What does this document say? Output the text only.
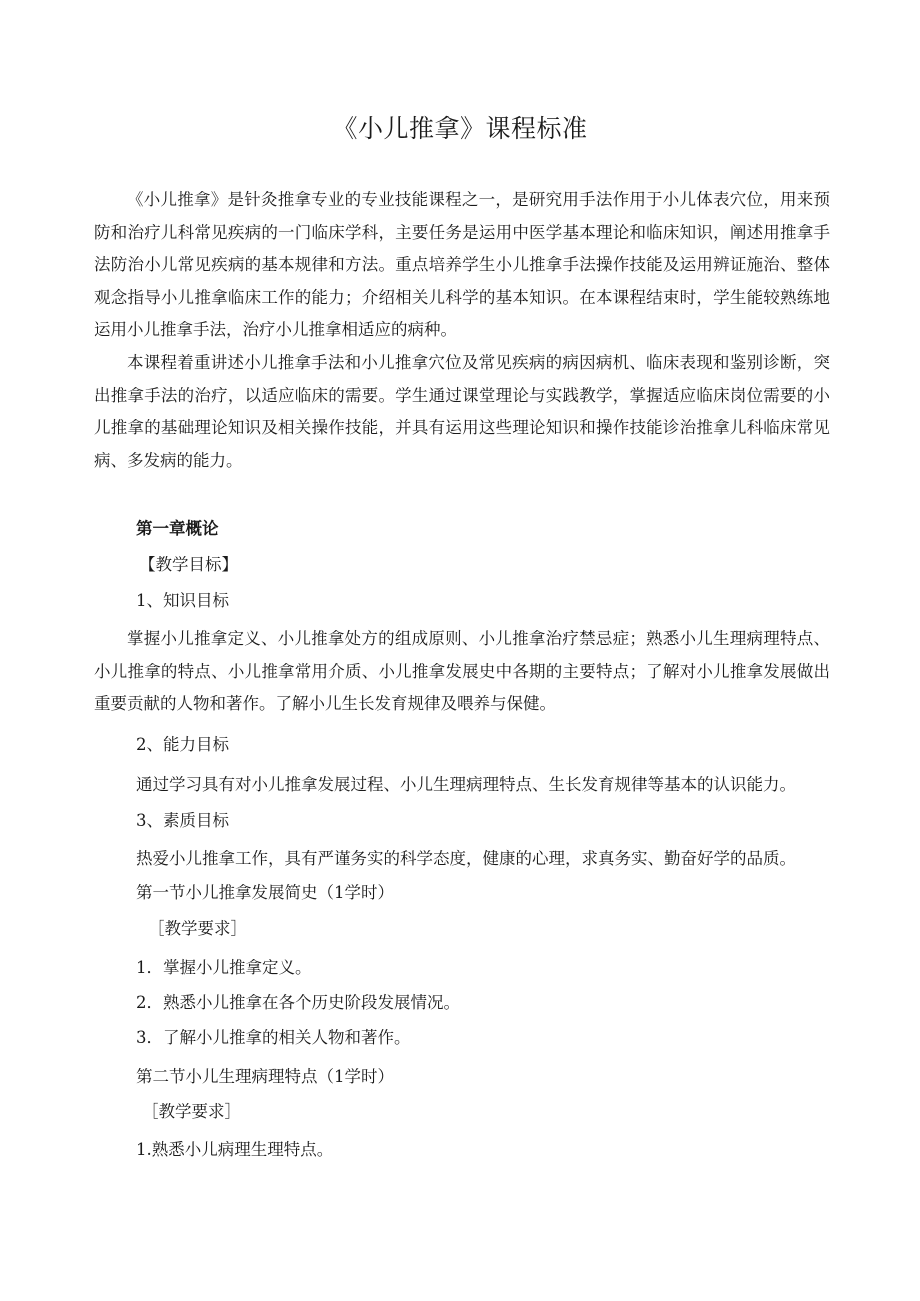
《小儿推拿》课程标准

《小儿推拿》是针灸推拿专业的专业技能课程之一，是研究用手法作用于小儿体表穴位，用来预防和治疗儿科常见疾病的一门临床学科，主要任务是运用中医学基本理论和临床知识，阐述用推拿手法防治小儿常见疾病的基本规律和方法。重点培养学生小儿推拿手法操作技能及运用辨证施治、整体观念指导小儿推拿临床工作的能力；介绍相关儿科学的基本知识。在本课程结束时，学生能较熟练地运用小儿推拿手法，治疗小儿推拿相适应的病种。

本课程着重讲述小儿推拿手法和小儿推拿穴位及常见疾病的病因病机、临床表现和鉴别诊断，突出推拿手法的治疗，以适应临床的需要。学生通过课堂理论与实践教学，掌握适应临床岗位需要的小儿推拿的基础理论知识及相关操作技能，并具有运用这些理论知识和操作技能诊治推拿儿科临床常见病、多发病的能力。

第一章概论
【教学目标】
1、知识目标

掌握小儿推拿定义、小儿推拿处方的组成原则、小儿推拿治疗禁忌症；熟悉小儿生理病理特点、小儿推拿的特点、小儿推拿常用介质、小儿推拿发展史中各期的主要特点；了解对小儿推拿发展做出重要贡献的人物和著作。了解小儿生长发育规律及喂养与保健。

2、能力目标
通过学习具有对小儿推拿发展过程、小儿生理病理特点、生长发育规律等基本的认识能力。
3、素质目标
热爱小儿推拿工作，具有严谨务实的科学态度，健康的心理，求真务实、勤奋好学的品质。
第一节小儿推拿发展简史（1学时）
［教学要求］
1．掌握小儿推拿定义。
2．熟悉小儿推拿在各个历史阶段发展情况。
3．了解小儿推拿的相关人物和著作。
第二节小儿生理病理特点（1学时）
［教学要求］
1.熟悉小儿病理生理特点。
